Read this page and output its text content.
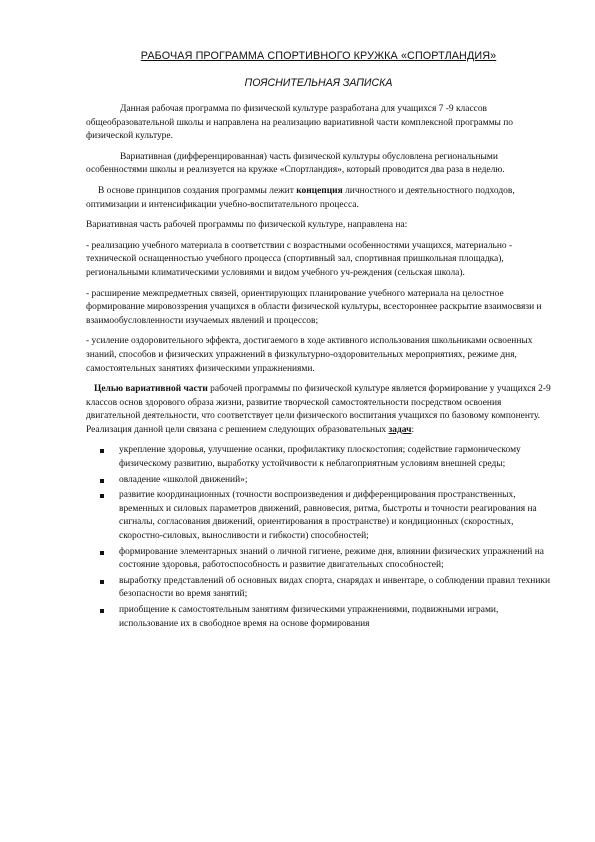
РАБОЧАЯ ПРОГРАММА СПОРТИВНОГО КРУЖКА «СПОРТЛАНДИЯ»
ПОЯСНИТЕЛЬНАЯ ЗАПИСКА

Данная рабочая программа по физической культуре разработана для учащихся 7 -9 классов общеобразовательной школы и направлена на реализацию вариативной части комплексной программы по физической культуре.

Вариативная (дифференцированная) часть физической культуры обусловлена региональными особенностями школы и реализуется на кружке «Спортландия», который проводится два раза в неделю.

В основе принципов создания программы лежит концепция личностного и деятельностного подходов, оптимизации и интенсификации учебно-воспитательного процесса.

Вариативная часть рабочей программы по физической культуре, направлена на:

- реализацию учебного материала в соответствии с возрастными особенностями учащихся, материально - технической оснащенностью учебного процесса (спортивный зал, спортивная пришкольная площадка), региональными климатическими условиями и видом учебного уч-реждения (сельская школа).

- расширение межпредметных связей, ориентирующих планирование учебного материала на целостное формирование мировоззрения учащихся в области физической культуры, всестороннее раскрытие взаимосвязи и взаимообусловленности изучаемых явлений и процессов;

- усиление оздоровительного эффекта, достигаемого в ходе активного использования школьниками освоенных знаний, способов и физических упражнений в физкультурно-оздоровительных мероприятиях, режиме дня, самостоятельных занятиях физическими упражнениями.

Целью вариативной части рабочей программы по физической культуре является формирование у учащихся 2-9 классов основ здорового образа жизни, развитие творческой самостоятельности посредством освоения двигательной деятельности, что соответствует цели физического воспитания учащихся по базовому компоненту. Реализация данной цели связана с решением следующих образовательных задач:

укрепление здоровья, улучшение осанки, профилактику плоскостопия; содействие гармоническому физическому развитию, выработку устойчивости к неблагоприятным условиям внешней среды;
овладение «школой движений»;
развитие координационных (точности воспроизведения и дифференцирования пространственных, временных и силовых параметров движений, равновесия, ритма, быстроты и точности реагирования на сигналы, согласования движений, ориентирования в пространстве) и кондиционных (скоростных, скоростно-силовых, выносливости и гибкости) способностей;
формирование элементарных знаний о личной гигиене, режиме дня, влиянии физических упражнений на состояние здоровья, работоспособность и развитие двигательных способностей;
выработку представлений об основных видах спорта, снарядах и инвентаре, о соблюдении правил техники безопасности во время занятий;
приобщение к самостоятельным занятиям физическими упражнениями, подвижными играми, использование их в свободное время на основе формирования
